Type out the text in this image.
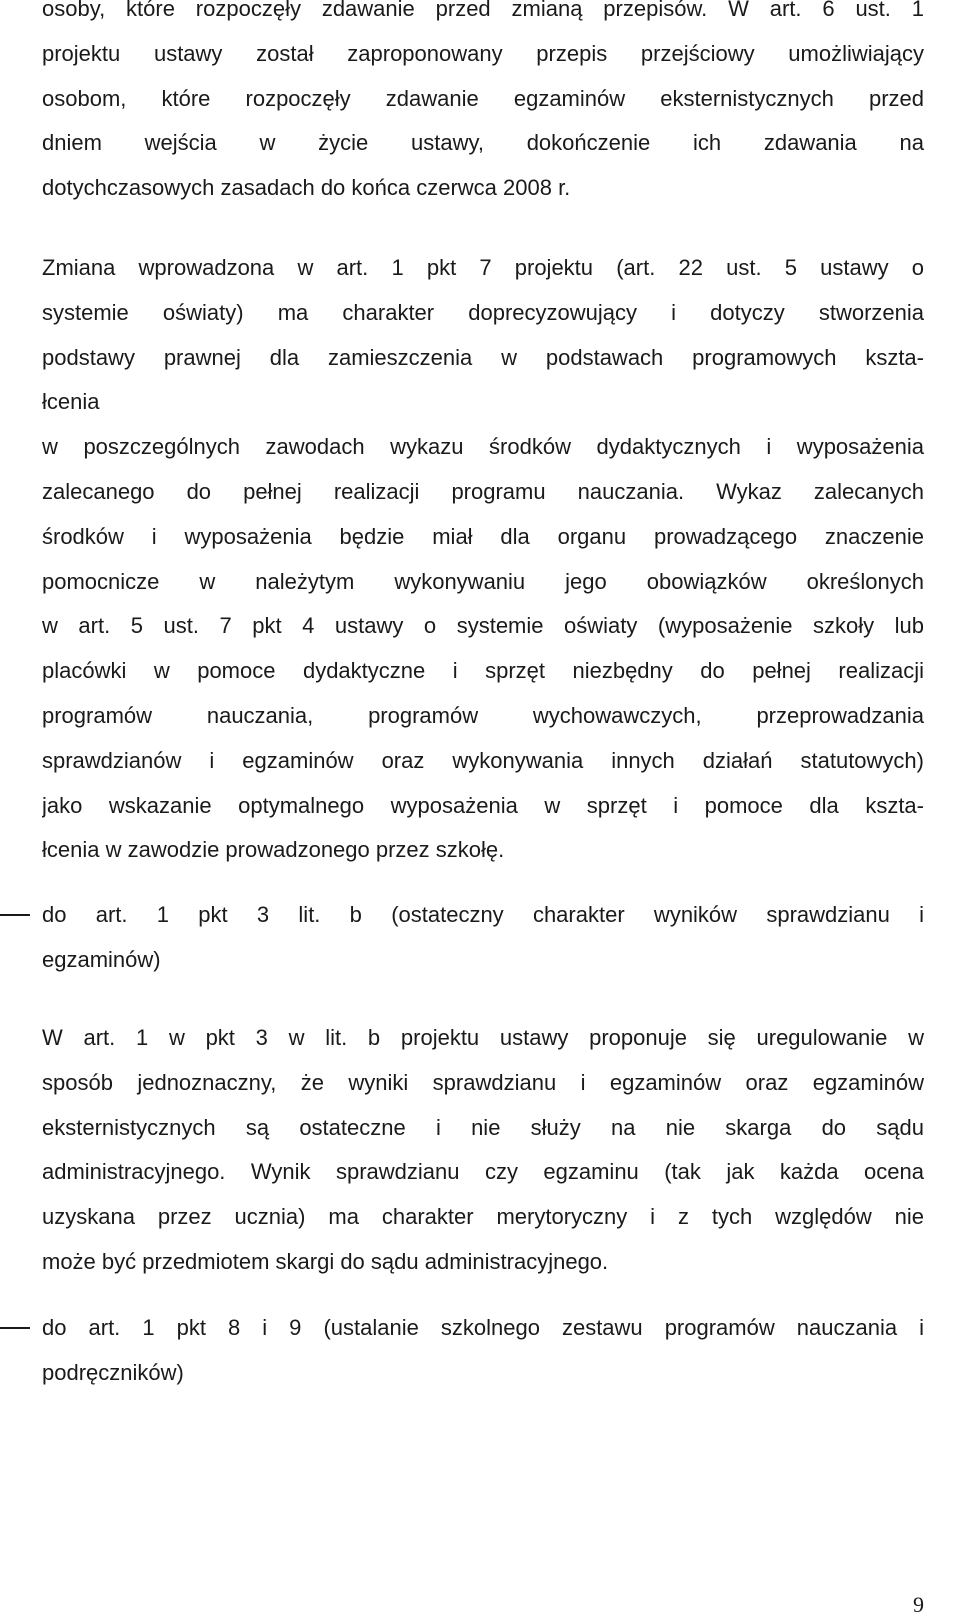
osoby, które rozpoczęły zdawanie przed zmianą przepisów. W art. 6 ust. 1
projektu ustawy został zaproponowany przepis przejściowy umożliwiający
osobom, które rozpoczęły zdawanie egzaminów eksternistycznych przed
dniem wejścia w życie ustawy, dokończenie ich zdawania na
dotychczasowych zasadach do końca czerwca 2008 r.

Zmiana wprowadzona w art. 1 pkt 7 projektu (art. 22 ust. 5 ustawy o
systemie oświaty) ma charakter doprecyzowujący i dotyczy stworzenia
podstawy prawnej dla zamieszczenia w podstawach programowych kszta-
łcenia
w poszczególnych zawodach wykazu środków dydaktycznych i wyposażenia
zalecanego do pełnej realizacji programu nauczania. Wykaz zalecanych
środków i wyposażenia będzie miał dla organu prowadzącego znaczenie
pomocnicze w należytym wykonywaniu jego obowiązków określonych
w art. 5 ust. 7 pkt 4 ustawy o systemie oświaty (wyposażenie szkoły lub
placówki w pomoce dydaktyczne i sprzęt niezbędny do pełnej realizacji
programów nauczania, programów wychowawczych, przeprowadzania
sprawdzianów i egzaminów oraz wykonywania innych działań statutowych)
jako wskazanie optymalnego wyposażenia w sprzęt i pomoce dla kszta-
łcenia w zawodzie prowadzonego przez szkołę.

do art. 1 pkt 3 lit. b (ostateczny charakter wyników sprawdzianu i
egzaminów)

W art. 1 w pkt 3 w lit. b projektu ustawy proponuje się uregulowanie w
sposób jednoznaczny, że wyniki sprawdzianu i egzaminów oraz egzaminów
eksternistycznych są ostateczne i nie służy na nie skarga do sądu
administracyjnego. Wynik sprawdzianu czy egzaminu (tak jak każda ocena
uzyskana przez ucznia) ma charakter merytoryczny i z tych względów nie
może być przedmiotem skargi do sądu administracyjnego.

do art. 1 pkt 8 i 9 (ustalanie szkolnego zestawu programów nauczania i
podręczników)
9
